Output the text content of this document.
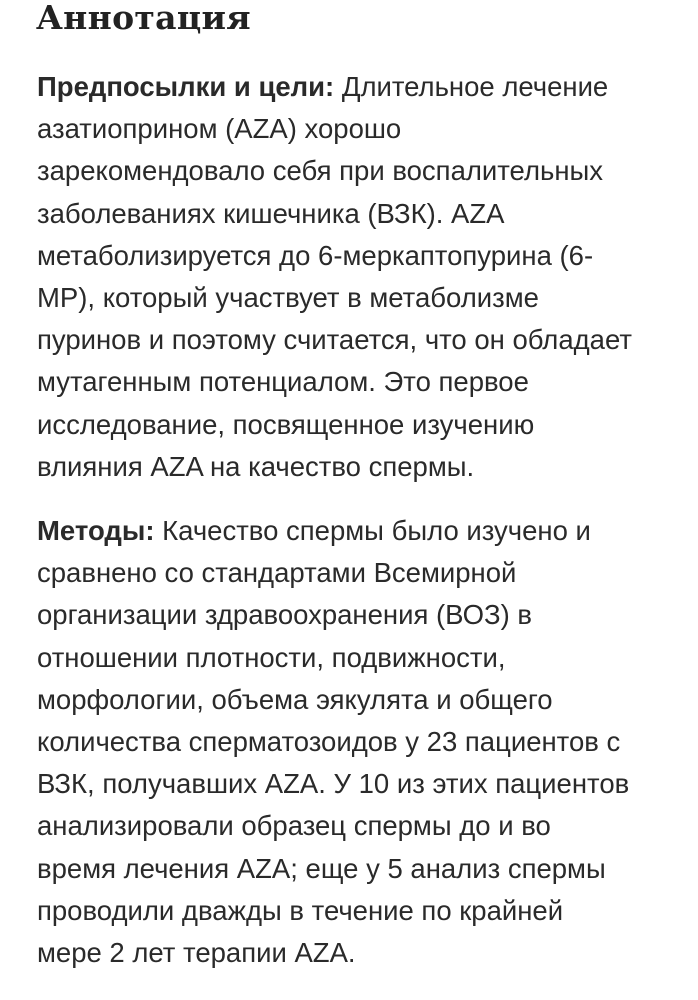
Аннотация
Предпосылки и цели: Длительное лечение
азатиоприном (AZA) хорошо
зарекомендовало себя при воспалительных
заболеваниях кишечника (ВЗК). AZA
метаболизируется до 6-меркаптопурина (6-
MP), который участвует в метаболизме
пуринов и поэтому считается, что он обладает
мутагенным потенциалом. Это первое
исследование, посвященное изучению
влияния AZA на качество спермы.
Методы: Качество спермы было изучено и
сравнено со стандартами Всемирной
организации здравоохранения (ВОЗ) в
отношении плотности, подвижности,
морфологии, объема эякулята и общего
количества сперматозоидов у 23 пациентов с
ВЗК, получавших AZA. У 10 из этих пациентов
анализировали образец спермы до и во
время лечения AZA; еще у 5 анализ спермы
проводили дважды в течение по крайней
мере 2 лет терапии AZA.
